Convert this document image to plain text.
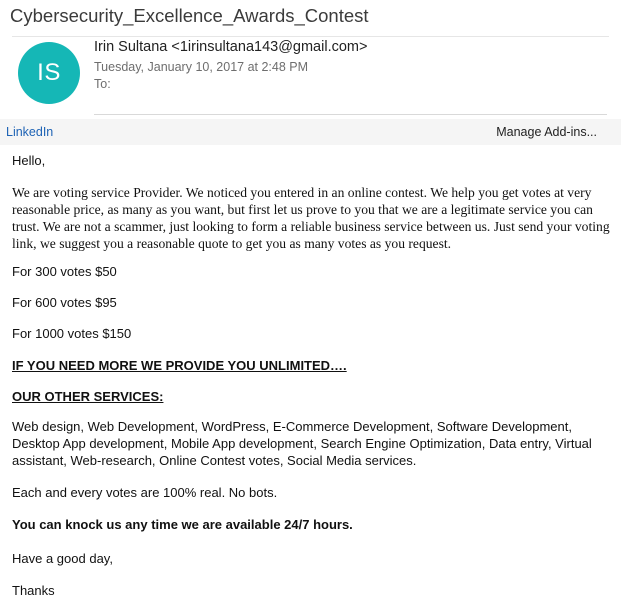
Cybersecurity_Excellence_Awards_Contest
IS
Irin Sultana <1irinsultana143@gmail.com>
Tuesday, January 10, 2017 at 2:48 PM
To:
LinkedIn	Manage Add-ins...

Hello,

We are voting service Provider. We noticed you entered in an online contest. We help you get votes at very reasonable price, as many as you want, but first let us prove to you that we are a legitimate service you can trust. We are not a scammer, just looking to form a reliable business service between us. Just send your voting link, we suggest you a reasonable quote to get you as many votes as you request.

For 300 votes $50

For 600 votes $95

For 1000 votes $150

IF YOU NEED MORE WE PROVIDE YOU UNLIMITED….

OUR OTHER SERVICES:

Web design, Web Development, WordPress, E-Commerce Development, Software Development, Desktop App development, Mobile App development, Search Engine Optimization, Data entry, Virtual assistant, Web-research, Online Contest votes, Social Media services.

Each and every votes are 100% real. No bots.

You can knock us any time we are available 24/7 hours.

Have a good day,

Thanks
